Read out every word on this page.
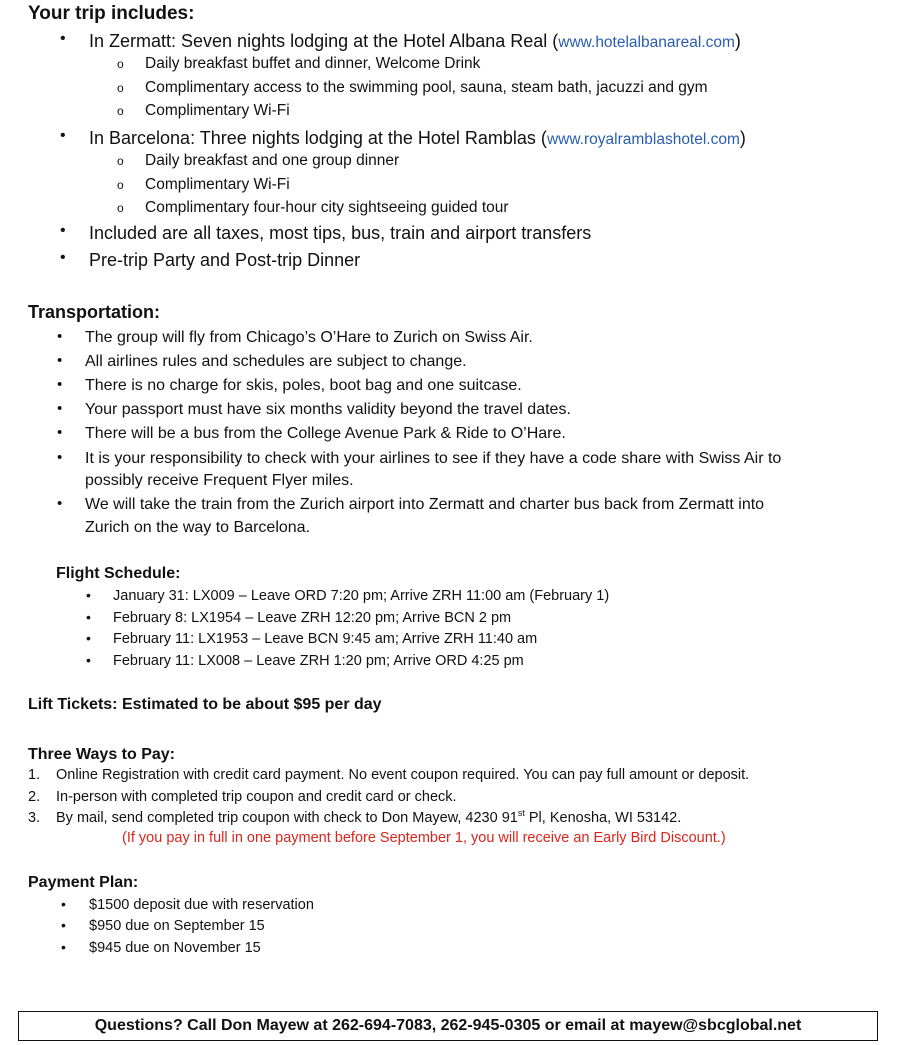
Your trip includes:
• In Zermatt: Seven nights lodging at the Hotel Albana Real (www.hotelalbanareal.com)
o Daily breakfast buffet and dinner, Welcome Drink
o Complimentary access to the swimming pool, sauna, steam bath, jacuzzi and gym
o Complimentary Wi-Fi
• In Barcelona: Three nights lodging at the Hotel Ramblas (www.royalramblashotel.com)
o Daily breakfast and one group dinner
o Complimentary Wi-Fi
o Complimentary four-hour city sightseeing guided tour
• Included are all taxes, most tips, bus, train and airport transfers
• Pre-trip Party and Post-trip Dinner
Transportation:
• The group will fly from Chicago’s O’Hare to Zurich on Swiss Air.
• All airlines rules and schedules are subject to change.
• There is no charge for skis, poles, boot bag and one suitcase.
• Your passport must have six months validity beyond the travel dates.
• There will be a bus from the College Avenue Park & Ride to O’Hare.
• It is your responsibility to check with your airlines to see if they have a code share with Swiss Air to
possibly receive Frequent Flyer miles.
• We will take the train from the Zurich airport into Zermatt and charter bus back from Zermatt into
Zurich on the way to Barcelona.
Flight Schedule:
• January 31: LX009 – Leave ORD 7:20 pm; Arrive ZRH 11:00 am (February 1)
• February 8: LX1954 – Leave ZRH 12:20 pm; Arrive BCN 2 pm
• February 11: LX1953 – Leave BCN 9:45 am; Arrive ZRH 11:40 am
• February 11: LX008 – Leave ZRH 1:20 pm; Arrive ORD 4:25 pm
Lift Tickets: Estimated to be about $95 per day
Three Ways to Pay:
1. Online Registration with credit card payment. No event coupon required. You can pay full amount or deposit.
2. In-person with completed trip coupon and credit card or check.
3. By mail, send completed trip coupon with check to Don Mayew, 4230 91st Pl, Kenosha, WI 53142.
(If you pay in full in one payment before September 1, you will receive an Early Bird Discount.)
Payment Plan:
• $1500 deposit due with reservation
• $950 due on September 15
• $945 due on November 15
Questions? Call Don Mayew at 262-694-7083, 262-945-0305 or email at mayew@sbcglobal.net
